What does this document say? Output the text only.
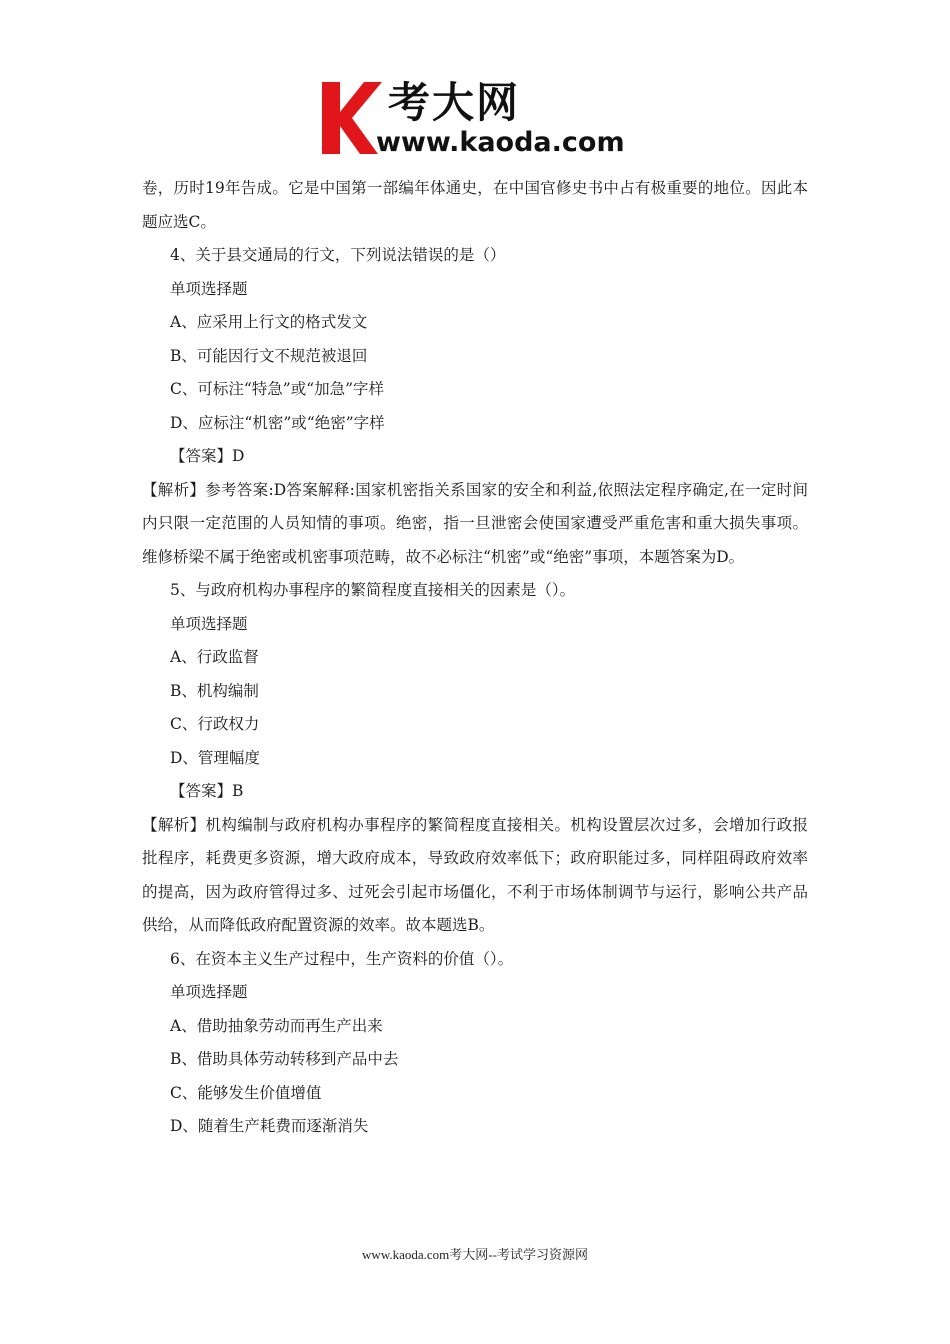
考大网
www.kaoda.com

卷，历时19年告成。它是中国第一部编年体通史，在中国官修史书中占有极重要的地位。因此本题应选C。

4、关于县交通局的行文，下列说法错误的是（）

单项选择题

A、应采用上行文的格式发文

B、可能因行文不规范被退回

C、可标注“特急”或“加急”字样

D、应标注“机密”或“绝密”字样

【答案】D

【解析】参考答案:D答案解释:国家机密指关系国家的安全和利益,依照法定程序确定,在一定时间内只限一定范围的人员知情的事项。绝密，指一旦泄密会使国家遭受严重危害和重大损失事项。维修桥梁不属于绝密或机密事项范畴，故不必标注“机密”或“绝密”事项，本题答案为D。

5、与政府机构办事程序的繁简程度直接相关的因素是（）。

单项选择题

A、行政监督

B、机构编制

C、行政权力

D、管理幅度

【答案】B

【解析】机构编制与政府机构办事程序的繁简程度直接相关。机构设置层次过多，会增加行政报批程序，耗费更多资源，增大政府成本，导致政府效率低下；政府职能过多，同样阻碍政府效率的提高，因为政府管得过多、过死会引起市场僵化，不利于市场体制调节与运行，影响公共产品供给，从而降低政府配置资源的效率。故本题选B。

6、在资本主义生产过程中，生产资料的价值（）。

单项选择题

A、借助抽象劳动而再生产出来

B、借助具体劳动转移到产品中去

C、能够发生价值增值

D、随着生产耗费而逐渐消失

www.kaoda.com考大网--考试学习资源网
